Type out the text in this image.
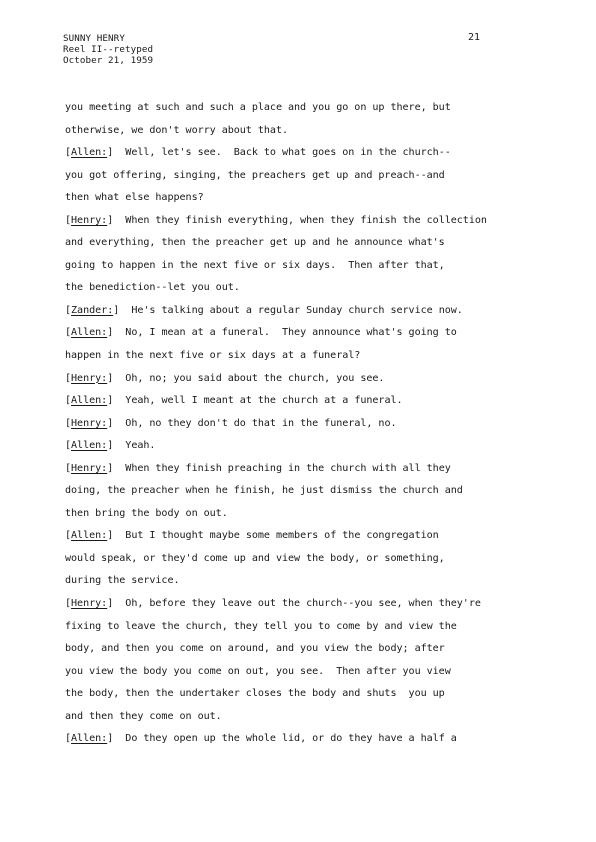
SUNNY HENRY
Reel II--retyped
October 21, 1959
21
you meeting at such and such a place and you go on up there, but
otherwise, we don't worry about that.
[Allen:]  Well, let's see.  Back to what goes on in the church--
you got offering, singing, the preachers get up and preach--and
then what else happens?
[Henry:]  When they finish everything, when they finish the collection
and everything, then the preacher get up and he announce what's
going to happen in the next five or six days.  Then after that,
the benediction--let you out.
[Zander:]  He's talking about a regular Sunday church service now.
[Allen:]  No, I mean at a funeral.  They announce what's going to
happen in the next five or six days at a funeral?
[Henry:]  Oh, no; you said about the church, you see.
[Allen:]  Yeah, well I meant at the church at a funeral.
[Henry:]  Oh, no they don't do that in the funeral, no.
[Allen:]  Yeah.
[Henry:]  When they finish preaching in the church with all they
doing, the preacher when he finish, he just dismiss the church and
then bring the body on out.
[Allen:]  But I thought maybe some members of the congregation
would speak, or they'd come up and view the body, or something,
during the service.
[Henry:]  Oh, before they leave out the church--you see, when they're
fixing to leave the church, they tell you to come by and view the
body, and then you come on around, and you view the body; after
you view the body you come on out, you see.  Then after you view
the body, then the undertaker closes the body and shuts  you up
and then they come on out.
[Allen:]  Do they open up the whole lid, or do they have a half a
